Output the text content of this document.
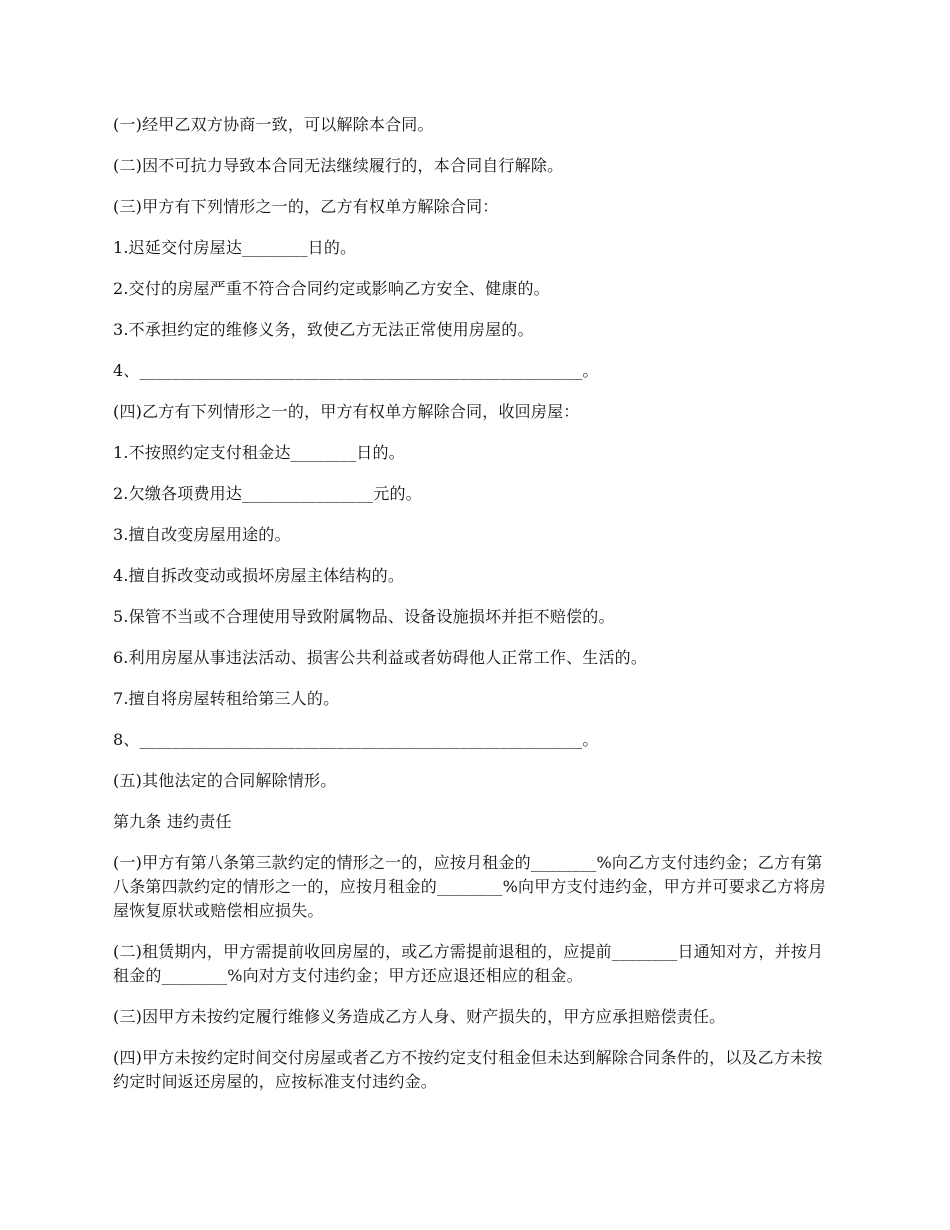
(一)经甲乙双方协商一致，可以解除本合同。

(二)因不可抗力导致本合同无法继续履行的，本合同自行解除。

(三)甲方有下列情形之一的，乙方有权单方解除合同：

1.迟延交付房屋达________日的。

2.交付的房屋严重不符合合同约定或影响乙方安全、健康的。

3.不承担约定的维修义务，致使乙方无法正常使用房屋的。

4、______________________________________________________。

(四)乙方有下列情形之一的，甲方有权单方解除合同，收回房屋：

1.不按照约定支付租金达________日的。

2.欠缴各项费用达________________元的。

3.擅自改变房屋用途的。

4.擅自拆改变动或损坏房屋主体结构的。

5.保管不当或不合理使用导致附属物品、设备设施损坏并拒不赔偿的。

6.利用房屋从事违法活动、损害公共利益或者妨碍他人正常工作、生活的。

7.擅自将房屋转租给第三人的。

8、______________________________________________________。

(五)其他法定的合同解除情形。

第九条 违约责任

(一)甲方有第八条第三款约定的情形之一的，应按月租金的________%向乙方支付违约金；乙方有第八条第四款约定的情形之一的，应按月租金的________%向甲方支付违约金，甲方并可要求乙方将房屋恢复原状或赔偿相应损失。

(二)租赁期内，甲方需提前收回房屋的，或乙方需提前退租的，应提前________日通知对方，并按月租金的________%向对方支付违约金；甲方还应退还相应的租金。

(三)因甲方未按约定履行维修义务造成乙方人身、财产损失的，甲方应承担赔偿责任。

(四)甲方未按约定时间交付房屋或者乙方不按约定支付租金但未达到解除合同条件的，以及乙方未按约定时间返还房屋的，应按标准支付违约金。
